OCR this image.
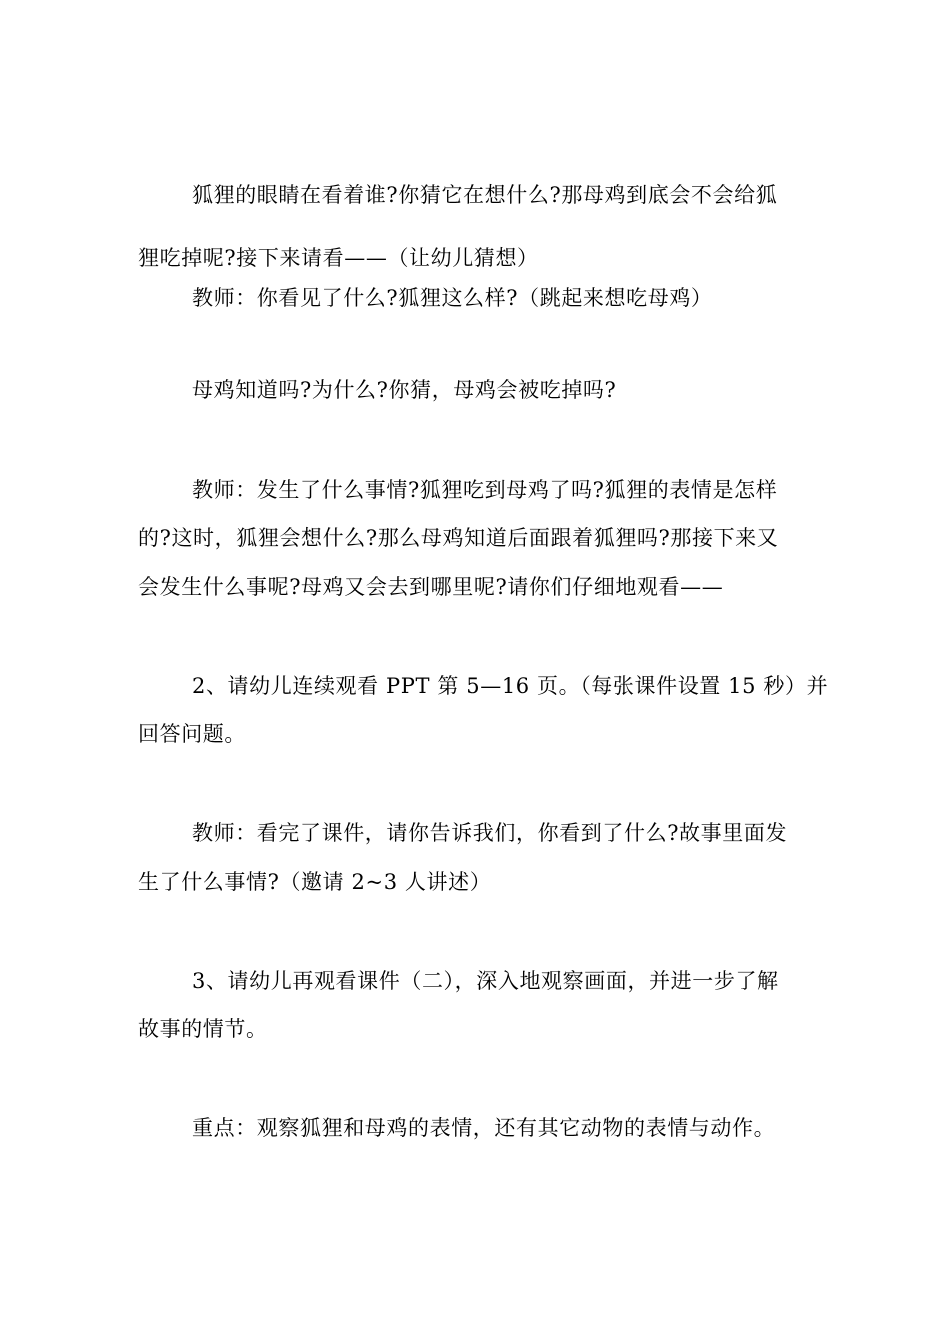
狐狸的眼睛在看着谁?你猜它在想什么?那母鸡到底会不会给狐
狸吃掉呢?接下来请看——（让幼儿猜想）
教师：你看见了什么?狐狸这么样?（跳起来想吃母鸡）
母鸡知道吗?为什么?你猜，母鸡会被吃掉吗?
教师：发生了什么事情?狐狸吃到母鸡了吗?狐狸的表情是怎样
的?这时，狐狸会想什么?那么母鸡知道后面跟着狐狸吗?那接下来又
会发生什么事呢?母鸡又会去到哪里呢?请你们仔细地观看——
2、请幼儿连续观看 PPT 第 5—16 页。（每张课件设置 15 秒）并
回答问题。
教师：看完了课件，请你告诉我们，你看到了什么?故事里面发
生了什么事情?（邀请 2~3 人讲述）
3、请幼儿再观看课件（二），深入地观察画面，并进一步了解
故事的情节。
重点：观察狐狸和母鸡的表情，还有其它动物的表情与动作。
